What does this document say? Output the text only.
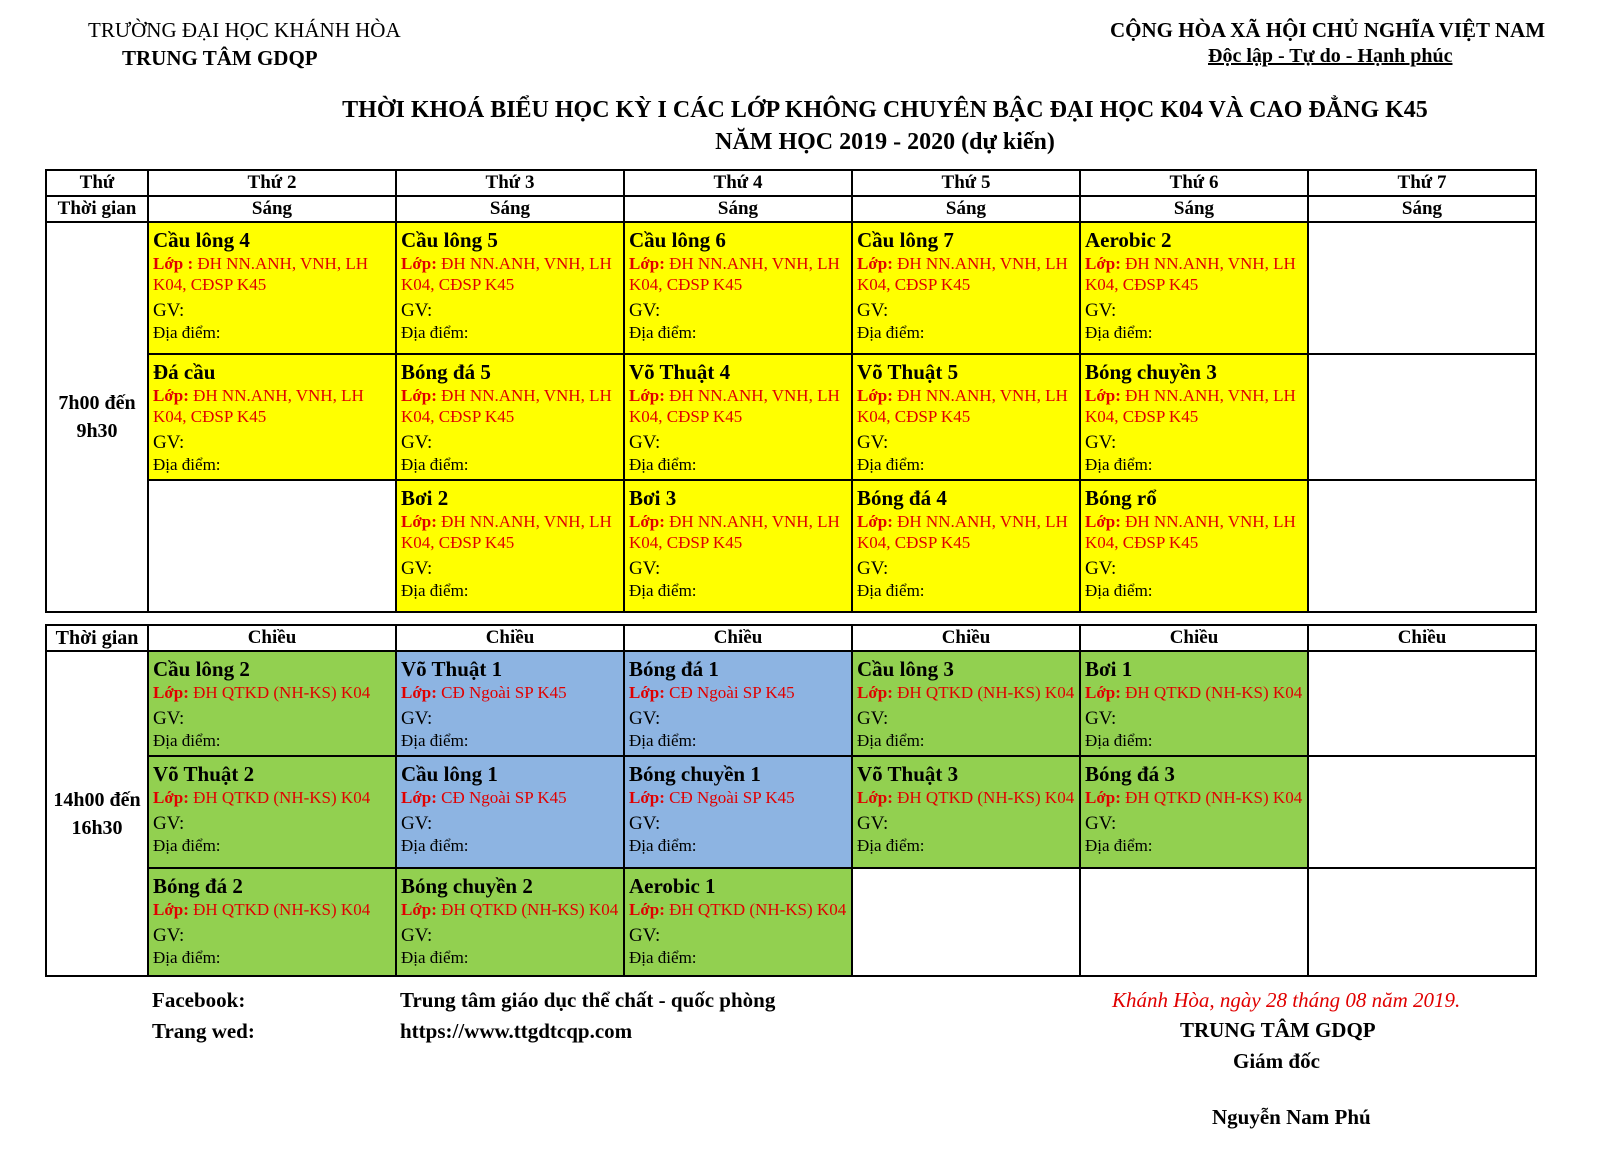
TRƯỜNG ĐẠI HỌC KHÁNH HÒA
TRUNG TÂM GDQP
CỘNG HÒA XÃ HỘI CHỦ NGHĨA VIỆT NAM
Độc lập - Tự do - Hạnh phúc
THỜI KHOÁ BIỂU HỌC KỲ I CÁC LỚP KHÔNG CHUYÊN BẬC ĐẠI HỌC K04 VÀ CAO ĐẲNG K45
NĂM HỌC 2019 - 2020 (dự kiến)
Thứ	Thứ 2	Thứ 3	Thứ 4	Thứ 5	Thứ 6	Thứ 7
Thời gian	Sáng	Sáng	Sáng	Sáng	Sáng	Sáng
7h00 đến 9h30	Cầu lông 4
Lớp : ĐH NN.ANH, VNH, LH K04, CĐSP K45
GV:
Địa điểm:	Cầu lông 5
Lớp: ĐH NN.ANH, VNH, LH K04, CĐSP K45
GV:
Địa điểm:	Cầu lông 6
Lớp: ĐH NN.ANH, VNH, LH K04, CĐSP K45
GV:
Địa điểm:	Cầu lông 7
Lớp: ĐH NN.ANH, VNH, LH K04, CĐSP K45
GV:
Địa điểm:	Aerobic 2
Lớp: ĐH NN.ANH, VNH, LH K04, CĐSP K45
GV:
Địa điểm:	

	Đá cầu
Lớp: ĐH NN.ANH, VNH, LH K04, CĐSP K45
GV:
Địa điểm:	Bóng đá 5
Lớp: ĐH NN.ANH, VNH, LH K04, CĐSP K45
GV:
Địa điểm:	Võ Thuật 4
Lớp: ĐH NN.ANH, VNH, LH K04, CĐSP K45
GV:
Địa điểm:	Võ Thuật 5
Lớp: ĐH NN.ANH, VNH, LH K04, CĐSP K45
GV:
Địa điểm:	Bóng chuyền 3
Lớp: ĐH NN.ANH, VNH, LH K04, CĐSP K45
GV:
Địa điểm:	

		Bơi 2
Lớp: ĐH NN.ANH, VNH, LH K04, CĐSP K45
GV:
Địa điểm:	Bơi 3
Lớp: ĐH NN.ANH, VNH, LH K04, CĐSP K45
GV:
Địa điểm:	Bóng đá 4
Lớp: ĐH NN.ANH, VNH, LH K04, CĐSP K45
GV:
Địa điểm:	Bóng rổ
Lớp: ĐH NN.ANH, VNH, LH K04, CĐSP K45
GV:
Địa điểm:	

Thời gian	Chiều	Chiều	Chiều	Chiều	Chiều	Chiều
14h00 đến 16h30	Cầu lông 2
Lớp: ĐH QTKD (NH-KS) K04
GV:
Địa điểm:	Võ Thuật 1
Lớp: CĐ Ngoài SP K45
GV:
Địa điểm:	Bóng đá 1
Lớp: CĐ Ngoài SP K45
GV:
Địa điểm:	Cầu lông 3
Lớp: ĐH QTKD (NH-KS) K04
GV:
Địa điểm:	Bơi 1
Lớp: ĐH QTKD (NH-KS) K04
GV:
Địa điểm:	

	Võ Thuật 2
Lớp: ĐH QTKD (NH-KS) K04
GV:
Địa điểm:	Cầu lông 1
Lớp: CĐ Ngoài SP K45
GV:
Địa điểm:	Bóng chuyền 1
Lớp: CĐ Ngoài SP K45
GV:
Địa điểm:	Võ Thuật 3
Lớp: ĐH QTKD (NH-KS) K04
GV:
Địa điểm:	Bóng đá 3
Lớp: ĐH QTKD (NH-KS) K04
GV:
Địa điểm:	

	Bóng đá 2
Lớp: ĐH QTKD (NH-KS) K04
GV:
Địa điểm:	Bóng chuyền 2
Lớp: ĐH QTKD (NH-KS) K04
GV:
Địa điểm:	Aerobic 1
Lớp: ĐH QTKD (NH-KS) K04
GV:
Địa điểm:			

Facebook:	Trung tâm giáo dục thể chất - quốc phòng
Trang wed:	https://www.ttgdtcqp.com
Khánh Hòa, ngày 28 tháng 08 năm 2019.
TRUNG TÂM GDQP
Giám đốc
Nguyễn Nam Phú
